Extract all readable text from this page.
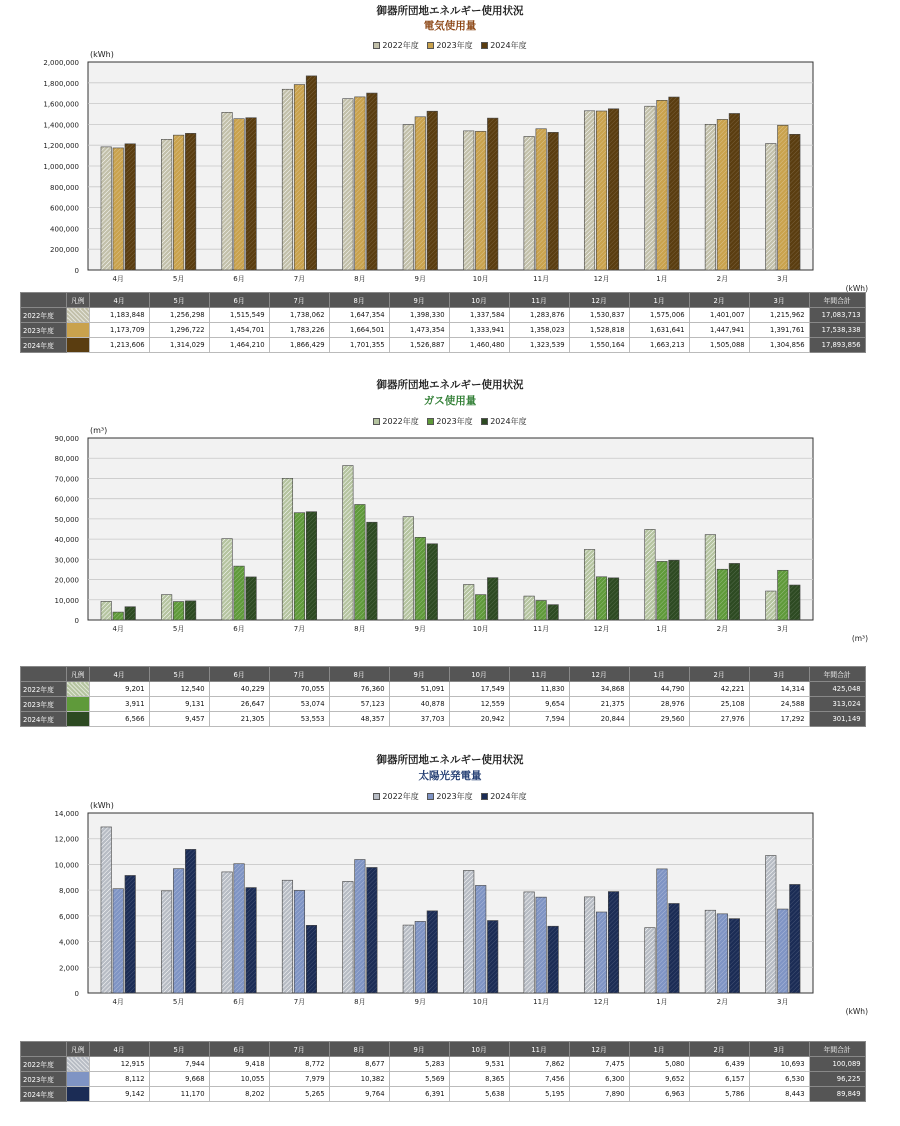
御器所団地エネルギー使用状況
電気使用量
2022年度 2023年度 2024年度
(kWh)
0
200,000
400,000
600,000
800,000
1,000,000
1,200,000
1,400,000
1,600,000
1,800,000
2,000,000
4月	5月	6月	7月	8月	9月	10月	11月	12月	1月	2月	3月
(kWh)
御器所団地エネルギー使用状況
ガス使用量
2022年度 2023年度 2024年度
(m³)
0
10,000
20,000
30,000
40,000
50,000
60,000
70,000
80,000
90,000
4月	5月	6月	7月	8月	9月	10月	11月	12月	1月	2月	3月
(m³)
御器所団地エネルギー使用状況
太陽光発電量
2022年度 2023年度 2024年度
(kWh)
0
2,000
4,000
6,000
8,000
10,000
12,000
14,000
4月	5月	6月	7月	8月	9月	10月	11月	12月	1月	2月	3月
(kWh)
	凡例	4月	5月	6月	7月	8月	9月	10月	11月	12月	1月	2月	3月	年間合計
2022年度		1,183,848	1,256,298	1,515,549	1,738,062	1,647,354	1,398,330	1,337,584	1,283,876	1,530,837	1,575,006	1,401,007	1,215,962	17,083,713
2023年度		1,173,709	1,296,722	1,454,701	1,783,226	1,664,501	1,473,354	1,333,941	1,358,023	1,528,818	1,631,641	1,447,941	1,391,761	17,538,338
2024年度		1,213,606	1,314,029	1,464,210	1,866,429	1,701,355	1,526,887	1,460,480	1,323,539	1,550,164	1,663,213	1,505,088	1,304,856	17,893,856
	凡例	4月	5月	6月	7月	8月	9月	10月	11月	12月	1月	2月	3月	年間合計
2022年度		9,201	12,540	40,229	70,055	76,360	51,091	17,549	11,830	34,868	44,790	42,221	14,314	425,048
2023年度		3,911	9,131	26,647	53,074	57,123	40,878	12,559	9,654	21,375	28,976	25,108	24,588	313,024
2024年度		6,566	9,457	21,305	53,553	48,357	37,703	20,942	7,594	20,844	29,560	27,976	17,292	301,149
	凡例	4月	5月	6月	7月	8月	9月	10月	11月	12月	1月	2月	3月	年間合計
2022年度		12,915	7,944	9,418	8,772	8,677	5,283	9,531	7,862	7,475	5,080	6,439	10,693	100,089
2023年度		8,112	9,668	10,055	7,979	10,382	5,569	8,365	7,456	6,300	9,652	6,157	6,530	96,225
2024年度		9,142	11,170	8,202	5,265	9,764	6,391	5,638	5,195	7,890	6,963	5,786	8,443	89,849
